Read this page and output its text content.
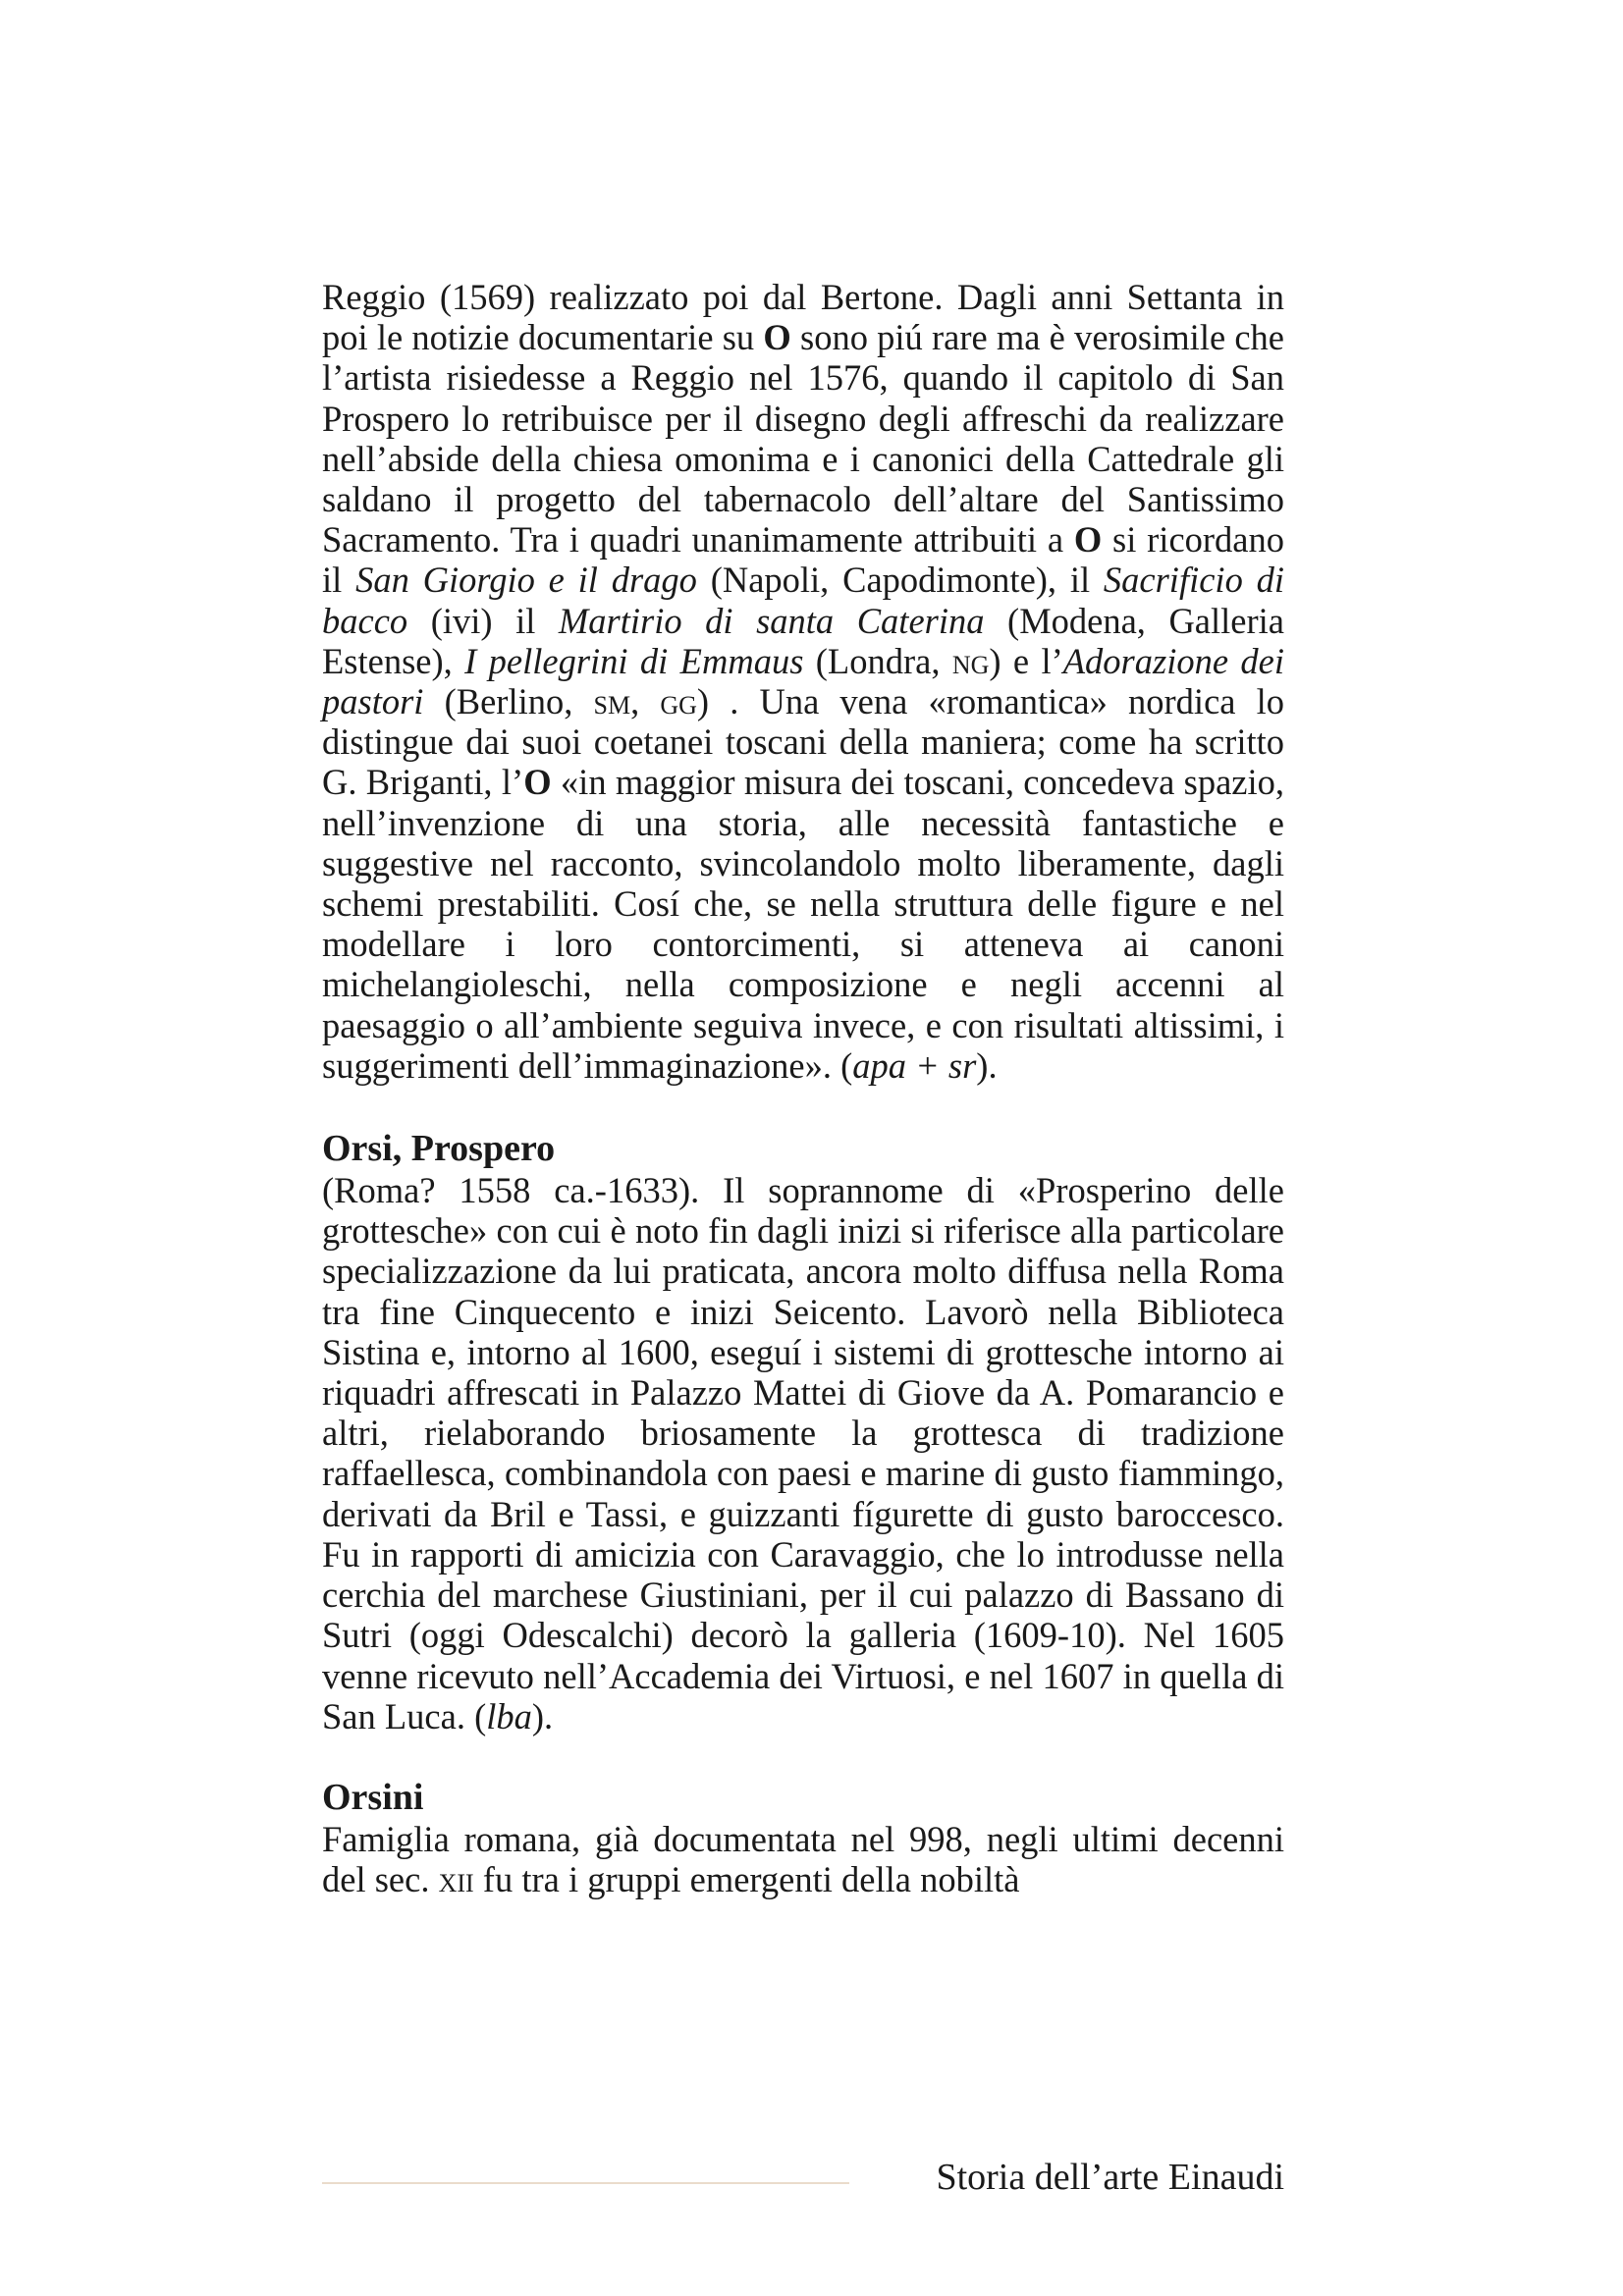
Reggio (1569) realizzato poi dal Bertone. Dagli anni Settanta in poi le notizie documentarie su O sono piú rare ma è verosimile che l’artista risiedesse a Reggio nel 1576, quando il capitolo di San Prospero lo retribuisce per il disegno degli affreschi da realizzare nell’abside della chiesa omonima e i canonici della Cattedrale gli saldano il progetto del tabernacolo dell’altare del Santissimo Sacramento. Tra i quadri unanimamente attribuiti a O si ricordano il San Giorgio e il drago (Napoli, Capodimonte), il Sacrificio di bacco (ivi) il Martirio di santa Caterina (Modena, Galleria Estense), I pellegrini di Emmaus (Londra, ng) e l’Adorazione dei pastori (Berlino, sm, gg) . Una vena «romantica» nordica lo distingue dai suoi coetanei toscani della maniera; come ha scritto G. Briganti, l’O «in maggior misura dei toscani, concedeva spazio, nell’invenzione di una storia, alle necessità fantastiche e suggestive nel racconto, svincolandolo molto liberamente, dagli schemi prestabiliti. Cosí che, se nella struttura delle figure e nel modellare i loro contorcimenti, si atteneva ai canoni michelangioleschi, nella composizione e negli accenni al paesaggio o all’ambiente seguiva invece, e con risultati altissimi, i suggerimenti dell’immaginazione». (apa + sr).

Orsi, Prospero

(Roma? 1558 ca.-1633). Il soprannome di «Prosperino delle grottesche» con cui è noto fin dagli inizi si riferisce alla particolare specializzazione da lui praticata, ancora molto diffusa nella Roma tra fine Cinquecento e inizi Seicento. Lavorò nella Biblioteca Sistina e, intorno al 1600, eseguí i sistemi di grottesche intorno ai riquadri affrescati in Palazzo Mattei di Giove da A. Pomarancio e altri, rielaborando briosamente la grottesca di tradizione raffaellesca, combinandola con paesi e marine di gusto fiammingo, derivati da Bril e Tassi, e guizzanti fígurette di gusto baroccesco. Fu in rapporti di amicizia con Caravaggio, che lo introdusse nella cerchia del marchese Giustiniani, per il cui palazzo di Bassano di Sutri (oggi Odescalchi) decorò la galleria (1609-10). Nel 1605 venne ricevuto nell’Accademia dei Virtuosi, e nel 1607 in quella di San Luca. (lba).

Orsini

Famiglia romana, già documentata nel 998, negli ultimi decenni del sec. xii fu tra i gruppi emergenti della nobiltà

Storia dell’arte Einaudi
